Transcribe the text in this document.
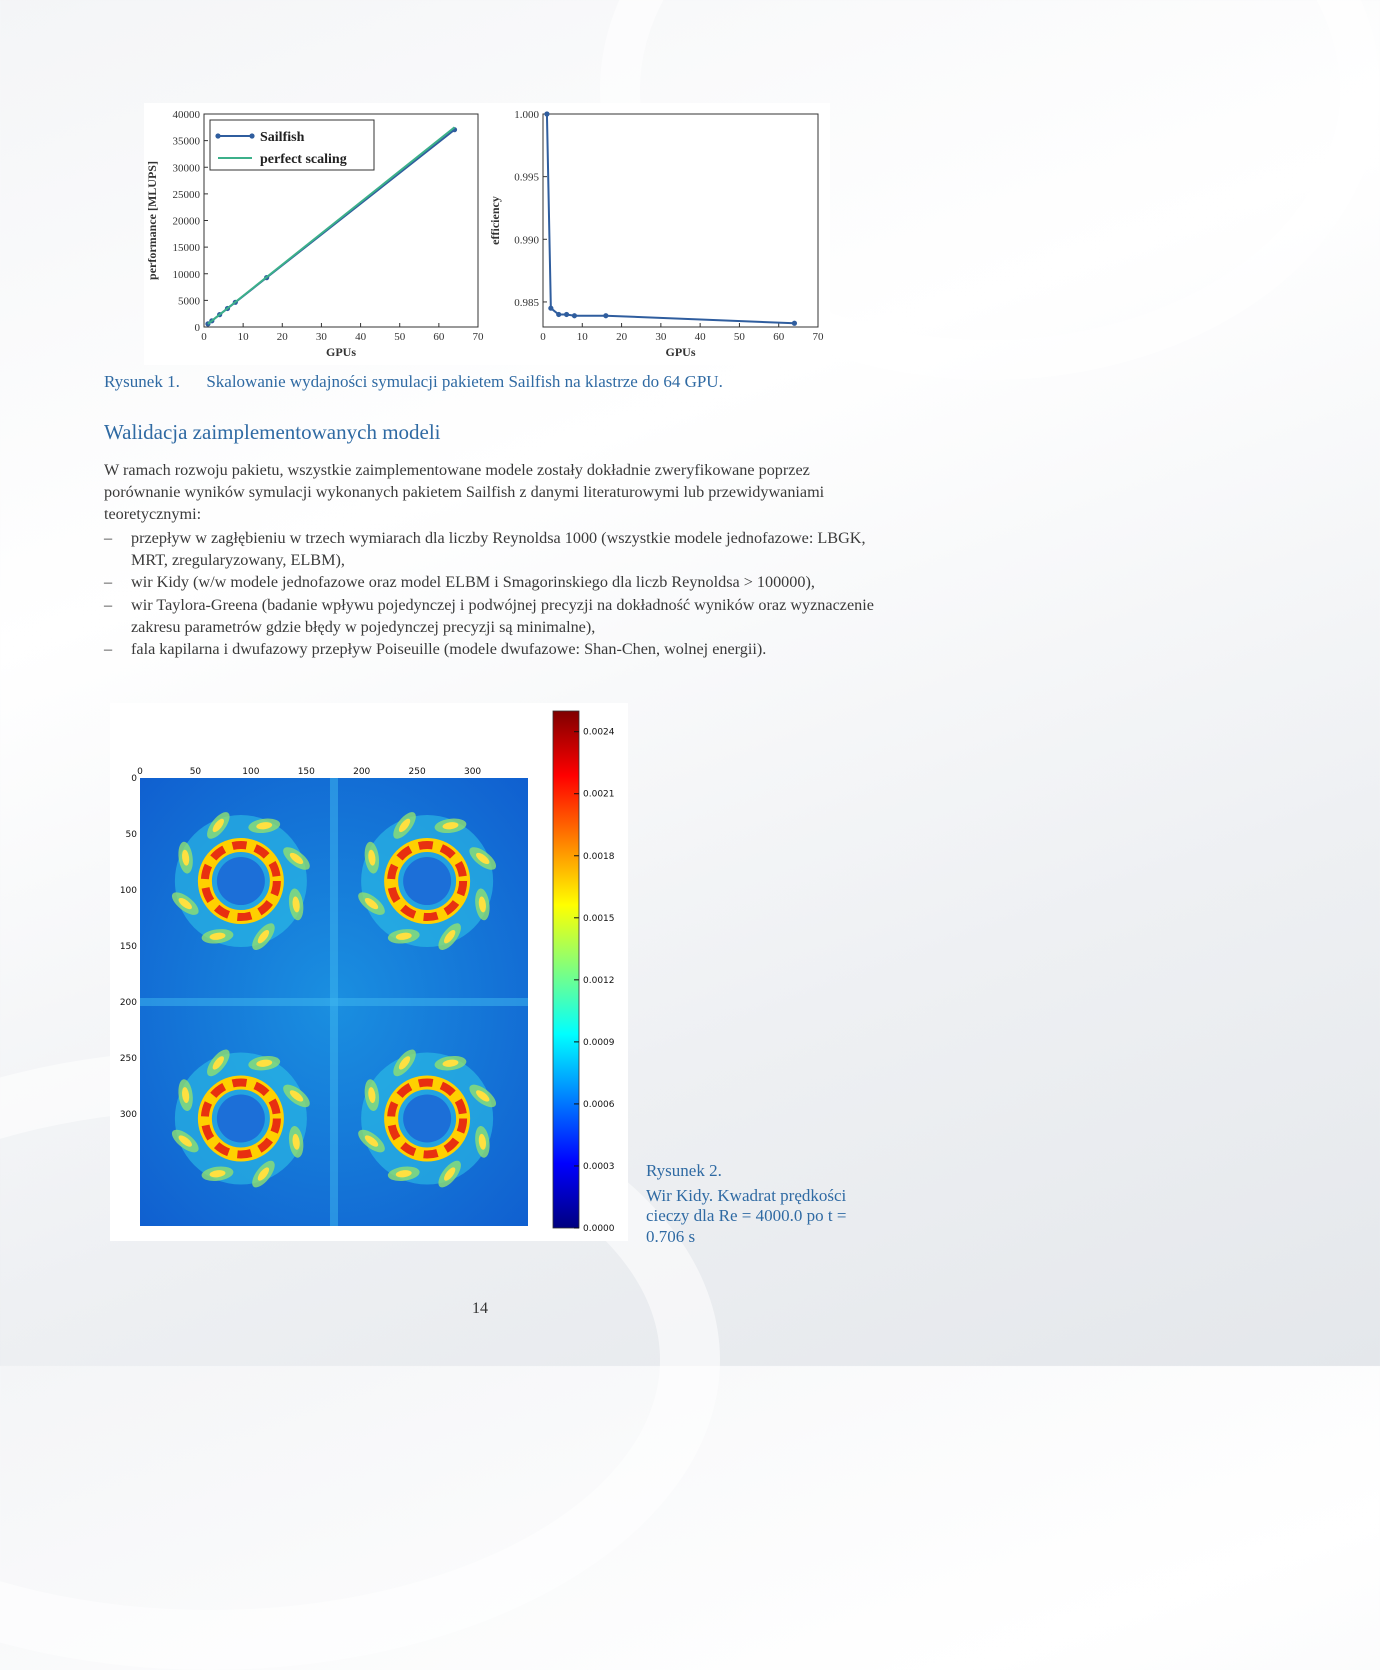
0	10	20	30	40	50	60	70
0
5000
10000
15000
20000
25000
30000
35000
40000
GPUs
performance [MLUPS]
Sailfish
perfect scaling
0	10	20	30	40	50	60	70
0.985
0.990
0.995
1.000
GPUs
efficiency
Rysunek 1. Skalowanie wydajności symulacji pakietem Sailfish na klastrze do 64 GPU.
Walidacja zaimplementowanych modeli

W ramach rozwoju pakietu, wszystkie zaimplementowane modele zostały dokładnie zweryfikowane poprzez porównanie wyników symulacji wykonanych pakietem Sailfish z danymi literaturowymi lub przewidywaniami teoretycznymi:

– przepływ w zagłębieniu w trzech wymiarach dla liczby Reynoldsa 1000 (wszystkie modele jednofazowe: LBGK, MRT, zregularyzowany, ELBM),
– wir Kidy (w/w modele jednofazowe oraz model ELBM i Smagorinskiego dla liczb Reynoldsa > 100000),
– wir Taylora-Greena (badanie wpływu pojedynczej i podwójnej precyzji na dokładność wyników oraz wyznaczenie zakresu parametrów gdzie błędy w pojedynczej precyzji są minimalne),
– fala kapilarna i dwufazowy przepływ Poiseuille (modele dwufazowe: Shan-Chen, wolnej energii).
0	50	100	150	200	250	300
0
50
100
150
200
250
300
0.0024
0.0021
0.0018
0.0015
0.0012
0.0009
0.0006
0.0003
0.0000
Rysunek 2.
Wir Kidy. Kwadrat prędkości cieczy dla Re = 4000.0 po t = 0.706 s
14
